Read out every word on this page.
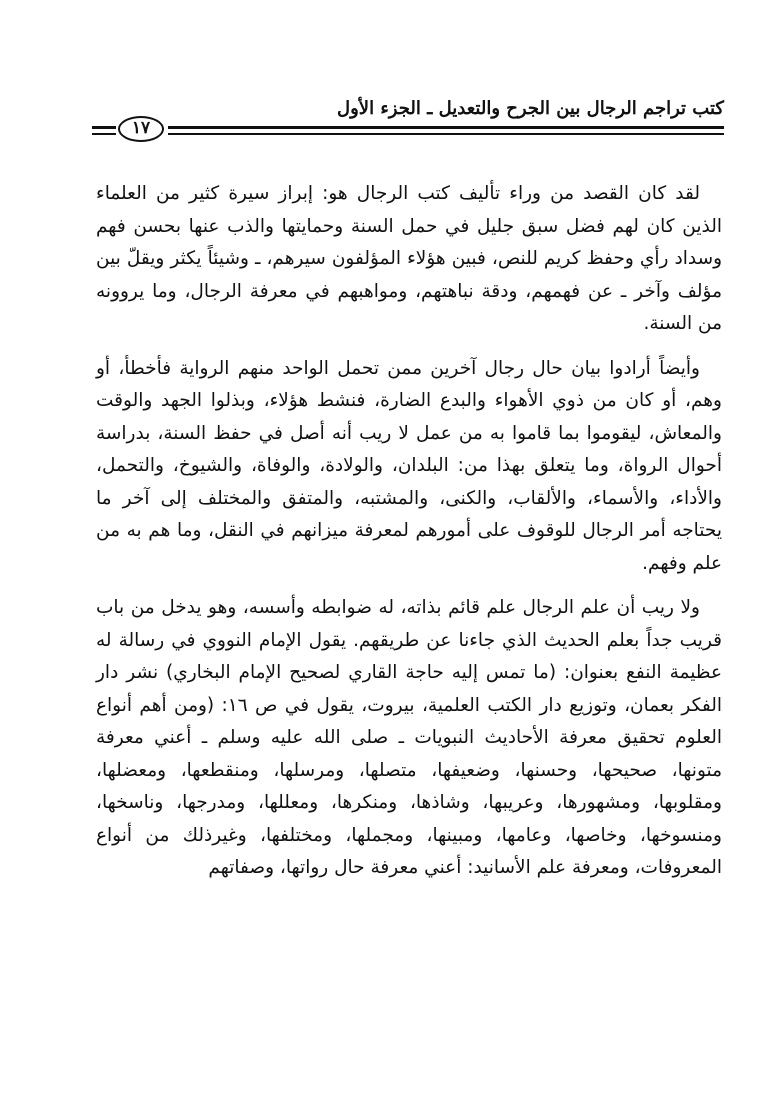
كتب تراجم الرجال بين الجرح والتعديل ـ الجزء الأول
١٧

لقد كان القصد من وراء تأليف كتب الرجال هو: إبراز سيرة كثير من العلماء الذين كان لهم فضل سبق جليل في حمل السنة وحمايتها والذب عنها بحسن فهم وسداد رأي وحفظ كريم للنص، فبين هؤلاء المؤلفون سيرهم، ـ وشيئاً يكثر ويقلّ بين مؤلف وآخر ـ عن فهمهم، ودقة نباهتهم، ومواهبهم في معرفة الرجال، وما يروونه من السنة.

وأيضاً أرادوا بيان حال رجال آخرين ممن تحمل الواحد منهم الرواية فأخطأ، أو وهم، أو كان من ذوي الأهواء والبدع الضارة، فنشط هؤلاء، وبذلوا الجهد والوقت والمعاش، ليقوموا بما قاموا به من عمل لا ريب أنه أصل في حفظ السنة، بدراسة أحوال الرواة، وما يتعلق بهذا من: البلدان، والولادة، والوفاة، والشيوخ، والتحمل، والأداء، والأسماء، والألقاب، والكنى، والمشتبه، والمتفق والمختلف إلى آخر ما يحتاجه أمر الرجال للوقوف على أمورهم لمعرفة ميزانهم في النقل، وما هم به من علم وفهم.

ولا ريب أن علم الرجال علم قائم بذاته، له ضوابطه وأسسه، وهو يدخل من باب قريب جداً بعلم الحديث الذي جاءنا عن طريقهم. يقول الإمام النووي في رسالة له عظيمة النفع بعنوان: (ما تمس إليه حاجة القاري لصحيح الإمام البخاري) نشر دار الفكر بعمان، وتوزيع دار الكتب العلمية، بيروت، يقول في ص ١٦: (ومن أهم أنواع العلوم تحقيق معرفة الأحاديث النبويات ـ صلى الله عليه وسلم ـ أعني معرفة متونها، صحيحها، وحسنها، وضعيفها، متصلها، ومرسلها، ومنقطعها، ومعضلها، ومقلوبها، ومشهورها، وعريبها، وشاذها، ومنكرها، ومعللها، ومدرجها، وناسخها، ومنسوخها، وخاصها، وعامها، ومبينها، ومجملها، ومختلفها، وغيرذلك من أنواع المعروفات، ومعرفة علم الأسانيد: أعني معرفة حال رواتها، وصفاتهم
